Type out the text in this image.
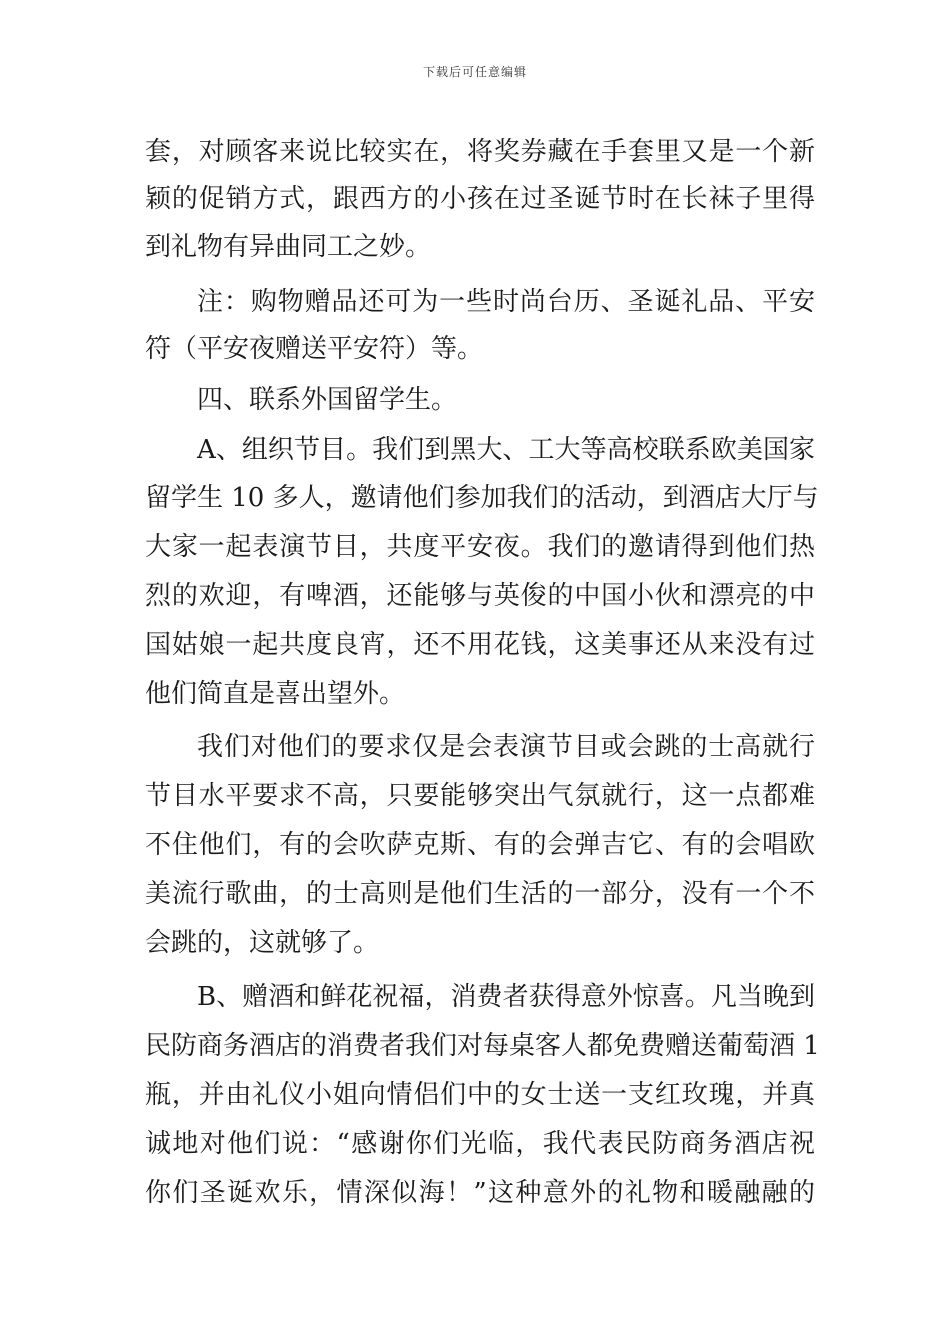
下载后可任意编辑
套，对顾客来说比较实在，将奖券藏在手套里又是一个新
颖的促销方式，跟西方的小孩在过圣诞节时在长袜子里得
到礼物有异曲同工之妙。
注：购物赠品还可为一些时尚台历、圣诞礼品、平安
符（平安夜赠送平安符）等。
四、联系外国留学生。
A、组织节目。我们到黑大、工大等高校联系欧美国家
留学生 10 多人，邀请他们参加我们的活动，到酒店大厅与
大家一起表演节目，共度平安夜。我们的邀请得到他们热
烈的欢迎，有啤酒，还能够与英俊的中国小伙和漂亮的中
国姑娘一起共度良宵，还不用花钱，这美事还从来没有过
他们简直是喜出望外。
我们对他们的要求仅是会表演节目或会跳的士高就行
节目水平要求不高，只要能够突出气氛就行，这一点都难
不住他们，有的会吹萨克斯、有的会弹吉它、有的会唱欧
美流行歌曲，的士高则是他们生活的一部分，没有一个不
会跳的，这就够了。
B、赠酒和鲜花祝福，消费者获得意外惊喜。凡当晚到
民防商务酒店的消费者我们对每桌客人都免费赠送葡萄酒 1
瓶，并由礼仪小姐向情侣们中的女士送一支红玫瑰，并真
诚地对他们说：“感谢你们光临，我代表民防商务酒店祝
你们圣诞欢乐，情深似海！”这种意外的礼物和暖融融的
